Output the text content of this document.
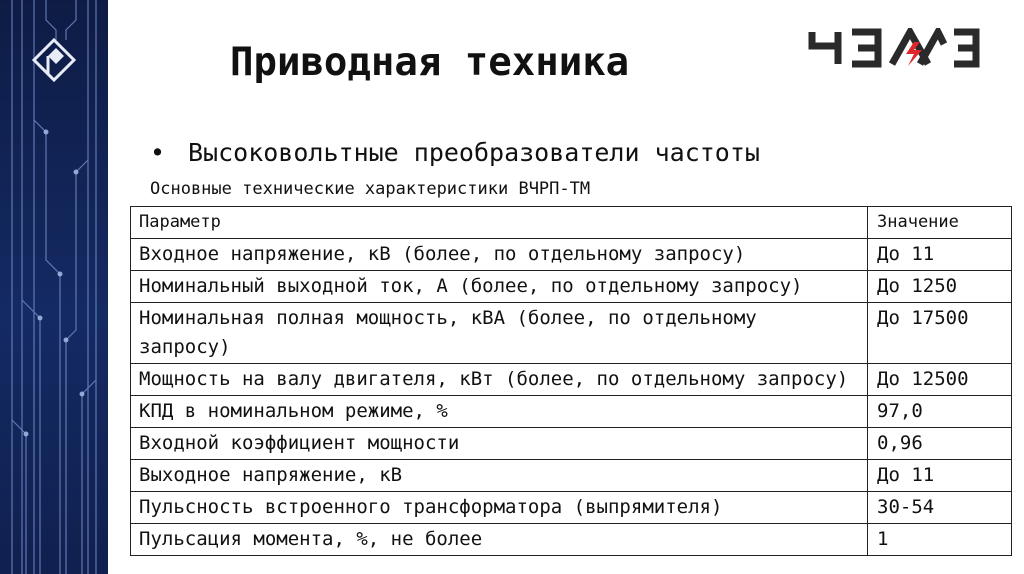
Приводная техника
• Высоковольтные преобразователи частоты
Основные технические характеристики ВЧРП-ТМ
Параметр	Значение
Входное напряжение, кВ (более, по отдельному запросу)	До 11
Номинальный выходной ток, А (более, по отдельному запросу)	До 1250
Номинальная полная мощность, кВА (более, по отдельному запросу)	До 17500
Мощность на валу двигателя, кВт (более, по отдельному запросу)	До 12500
КПД в номинальном режиме, %	97,0
Входной коэффициент мощности	0,96
Выходное напряжение, кВ	До 11
Пульсность встроенного трансформатора (выпрямителя)	30-54
Пульсация момента, %, не более	1
